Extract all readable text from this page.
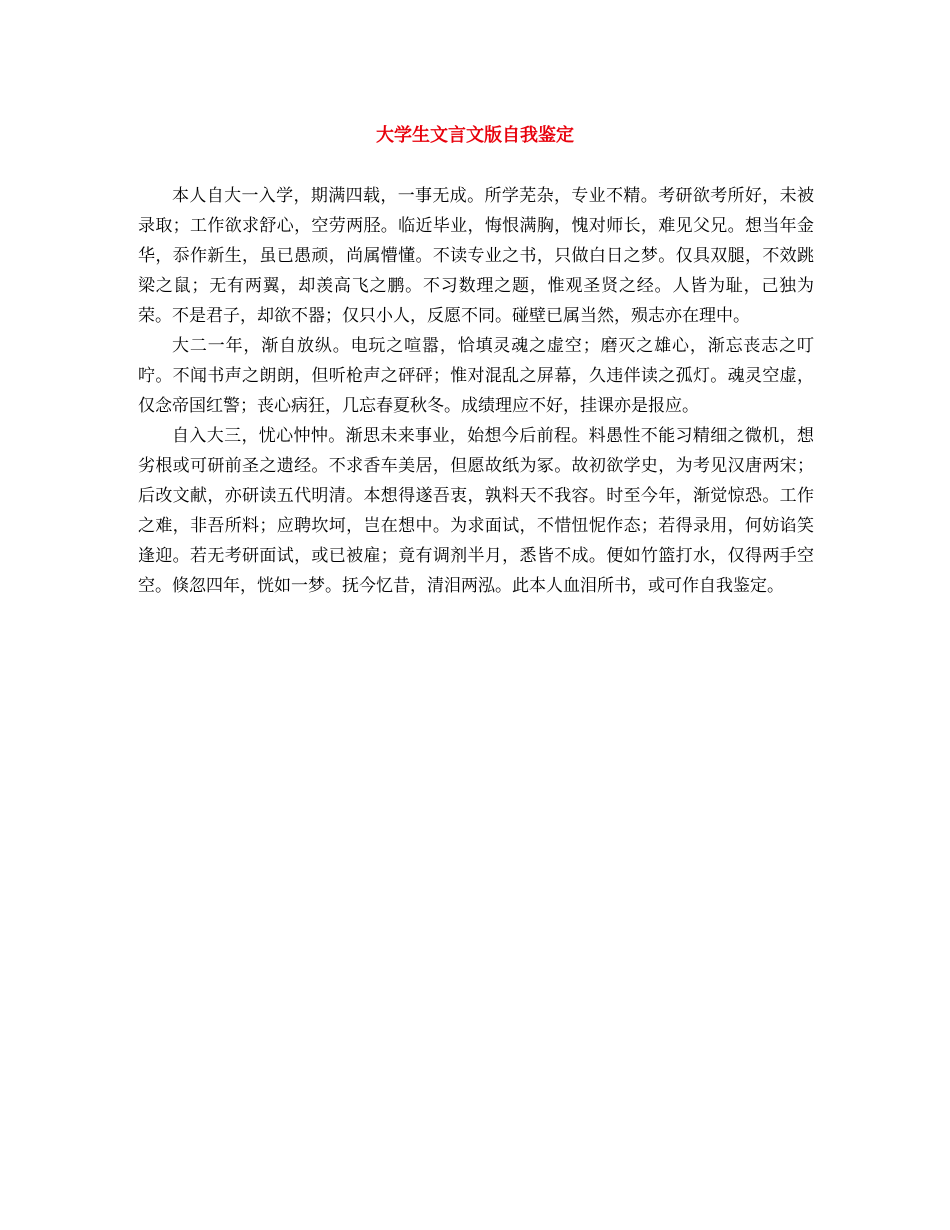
大学生文言文版自我鉴定

本人自大一入学，期满四载，一事无成。所学芜杂，专业不精。考研欲考所好，未被录取；工作欲求舒心，空劳两胫。临近毕业，悔恨满胸，愧对师长，难见父兄。想当年金华，忝作新生，虽已愚顽，尚属懵懂。不读专业之书，只做白日之梦。仅具双腿，不效跳梁之鼠；无有两翼，却羡高飞之鹏。不习数理之题，惟观圣贤之经。人皆为耻，己独为荣。不是君子，却欲不器；仅只小人，反愿不同。碰壁已属当然，殒志亦在理中。

大二一年，渐自放纵。电玩之喧嚣，恰填灵魂之虚空；磨灭之雄心，渐忘丧志之叮咛。不闻书声之朗朗，但听枪声之砰砰；惟对混乱之屏幕，久违伴读之孤灯。魂灵空虚，仅念帝国红警；丧心病狂，几忘春夏秋冬。成绩理应不好，挂课亦是报应。

自入大三，忧心忡忡。渐思未来事业，始想今后前程。料愚性不能习精细之微机，想劣根或可研前圣之遗经。不求香车美居，但愿故纸为冢。故初欲学史，为考见汉唐两宋；后改文献，亦研读五代明清。本想得遂吾衷，孰料天不我容。时至今年，渐觉惊恐。工作之难，非吾所料；应聘坎坷，岂在想中。为求面试，不惜忸怩作态；若得录用，何妨谄笑逢迎。若无考研面试，或已被雇；竟有调剂半月，悉皆不成。便如竹篮打水，仅得两手空空。倏忽四年，恍如一梦。抚今忆昔，清泪两泓。此本人血泪所书，或可作自我鉴定。
